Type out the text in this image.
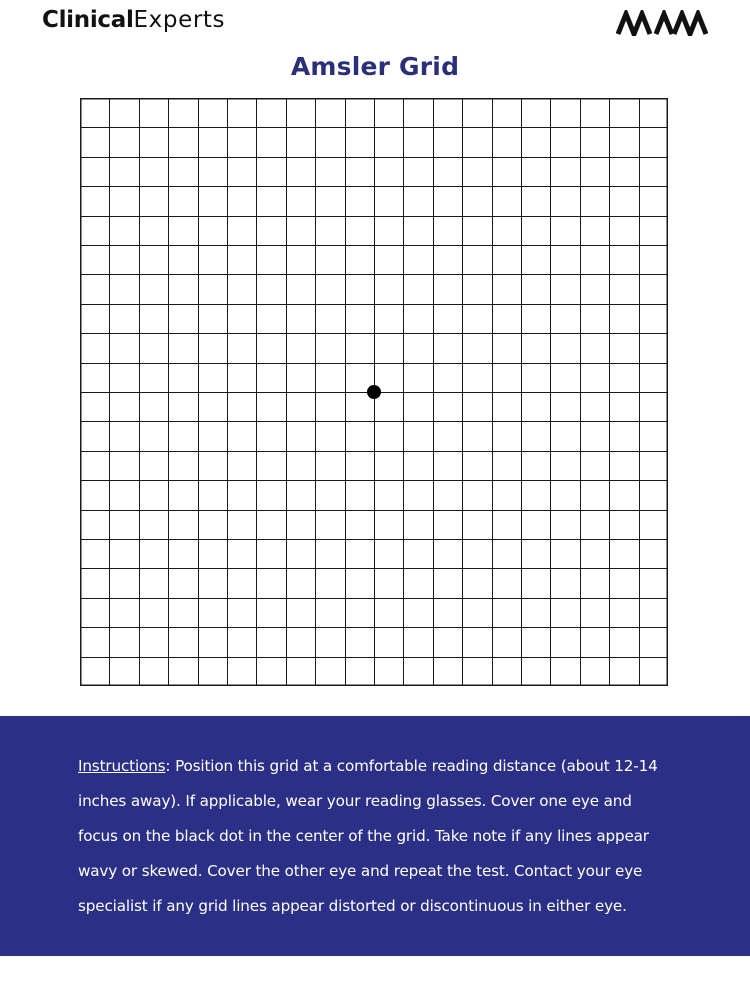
ClinicalExperts
Amsler Grid
Instructions: Position this grid at a comfortable reading distance (about 12-14 inches away). If applicable, wear your reading glasses. Cover one eye and focus on the black dot in the center of the grid. Take note if any lines appear wavy or skewed. Cover the other eye and repeat the test. Contact your eye specialist if any grid lines appear distorted or discontinuous in either eye.
